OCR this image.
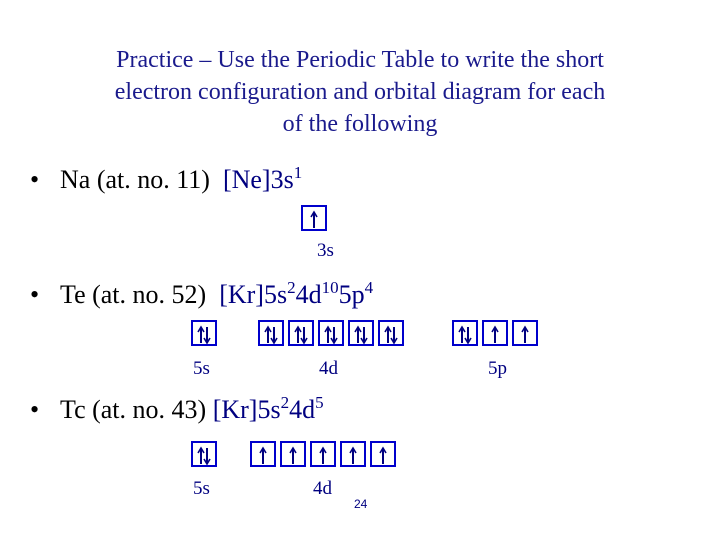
Practice – Use the Periodic Table to write the short
electron configuration and orbital diagram for each
of the following
• Na (at. no. 11) $[Ne]3s^1$
• Te (at. no. 52) $[Kr]5s^24d^{10}5p^4$
• Tc (at. no. 43) $[Kr]5s^24d^5$
3s
5s	4d	5p
5s	4d
24
